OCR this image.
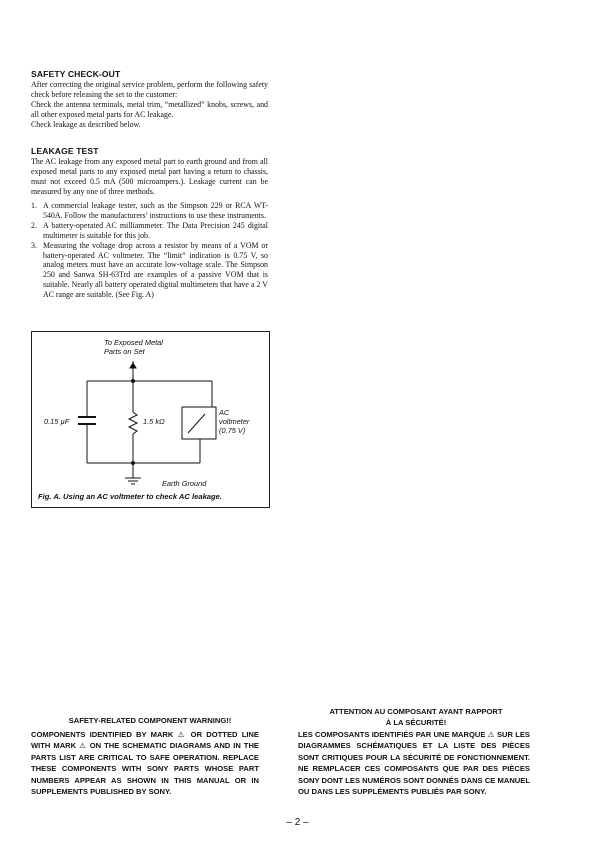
SAFETY CHECK-OUT

After correcting the original service problem, perform the following safety check before releasing the set to the customer:

Check the antenna terminals, metal trim, “metallized” knobs, screws, and all other exposed metal parts for AC leakage.

Check leakage as described below.

LEAKAGE TEST
The AC leakage from any exposed metal part to earth ground and from all exposed metal parts to any exposed metal part having a return to chassis, must not exceed 0.5 mA (500 microampers.). Leakage current can be measured by any one of three methods.
1. A commercial leakage tester, such as the Simpson 229 or RCA WT-540A. Follow the manufacturers’ instructions to use these instruments.
2. A battery-operated AC milliammeter. The Data Precision 245 digital multimeter is suitable for this job.
3. Measuring the voltage drop across a resistor by means of a VOM or battery-operated AC voltmeter. The “limit” indication is 0.75 V, so analog meters must have an accurate low-voltage scale. The Simpson 250 and Sanwa SH-63Trd are examples of a passive VOM that is suitable. Nearly all battery operated digital multimeters that have a 2 V AC range are suitable. (See Fig. A)
To Exposed Metal
Parts on Set
0.15 µF	1.5 kΩ
AC
voltmeter
(0.75 V)
Earth Ground
Fig. A. Using an AC voltmeter to check AC leakage.
SAFETY-RELATED COMPONENT WARNING!!
COMPONENTS IDENTIFIED BY MARK ⚠ OR DOTTED LINE WITH MARK ⚠ ON THE SCHEMATIC DIAGRAMS AND IN THE PARTS LIST ARE CRITICAL TO SAFE OPERATION. REPLACE THESE COMPONENTS WITH SONY PARTS WHOSE PART NUMBERS APPEAR AS SHOWN IN THIS MANUAL OR IN SUPPLEMENTS PUBLISHED BY SONY.
ATTENTION AU COMPOSANT AYANT RAPPORT
À LA SÉCURITÉ!
LES COMPOSANTS IDENTIFIÉS PAR UNE MARQUE ⚠ SUR LES DIAGRAMMES SCHÉMATIQUES ET LA LISTE DES PIÈCES SONT CRITIQUES POUR LA SÉCURITÉ DE FONCTIONNEMENT. NE REMPLACER CES COMPOSANTS QUE PAR DES PIÈCES SONY DONT LES NUMÉROS SONT DONNÉS DANS CE MANUEL OU DANS LES SUPPLÉMENTS PUBLIÉS PAR SONY.
– 2 –
